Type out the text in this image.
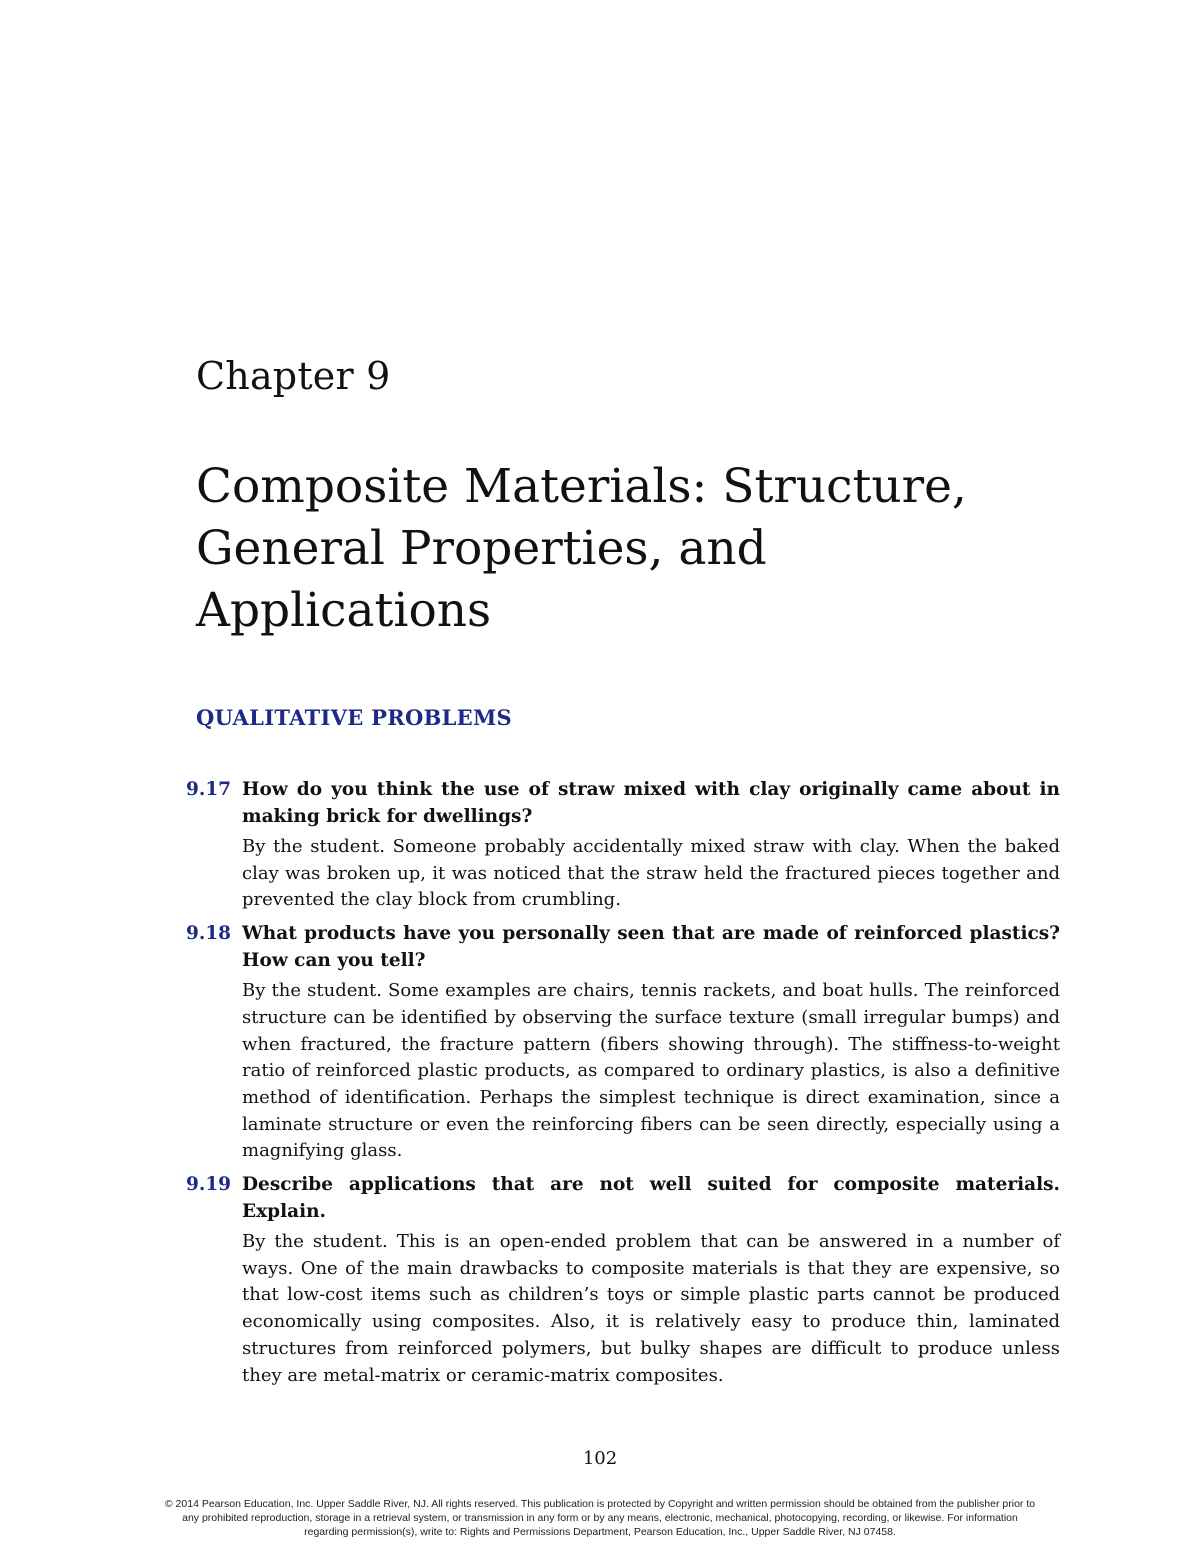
Chapter 9
Composite Materials: Structure, General Properties, and Applications
QUALITATIVE PROBLEMS
9.17 How do you think the use of straw mixed with clay originally came about in making brick for dwellings?

By the student. Someone probably accidentally mixed straw with clay. When the baked clay was broken up, it was noticed that the straw held the fractured pieces together and prevented the clay block from crumbling.

9.18 What products have you personally seen that are made of reinforced plastics? How can you tell?

By the student. Some examples are chairs, tennis rackets, and boat hulls. The reinforced structure can be identified by observing the surface texture (small irregular bumps) and when fractured, the fracture pattern (fibers showing through). The stiffness-to-weight ratio of reinforced plastic products, as compared to ordinary plastics, is also a definitive method of identification. Perhaps the simplest technique is direct examination, since a laminate structure or even the reinforcing fibers can be seen directly, especially using a magnifying glass.

9.19 Describe applications that are not well suited for composite materials. Explain.

By the student. This is an open-ended problem that can be answered in a number of ways. One of the main drawbacks to composite materials is that they are expensive, so that low-cost items such as children’s toys or simple plastic parts cannot be produced economically using composites. Also, it is relatively easy to produce thin, laminated structures from reinforced polymers, but bulky shapes are difficult to produce unless they are metal-matrix or ceramic-matrix composites.

102
© 2014 Pearson Education, Inc. Upper Saddle River, NJ. All rights reserved. This publication is protected by Copyright and written permission should be obtained from the publisher prior to any prohibited reproduction, storage in a retrieval system, or transmission in any form or by any means, electronic, mechanical, photocopying, recording, or likewise. For information regarding permission(s), write to: Rights and Permissions Department, Pearson Education, Inc., Upper Saddle River, NJ 07458.
